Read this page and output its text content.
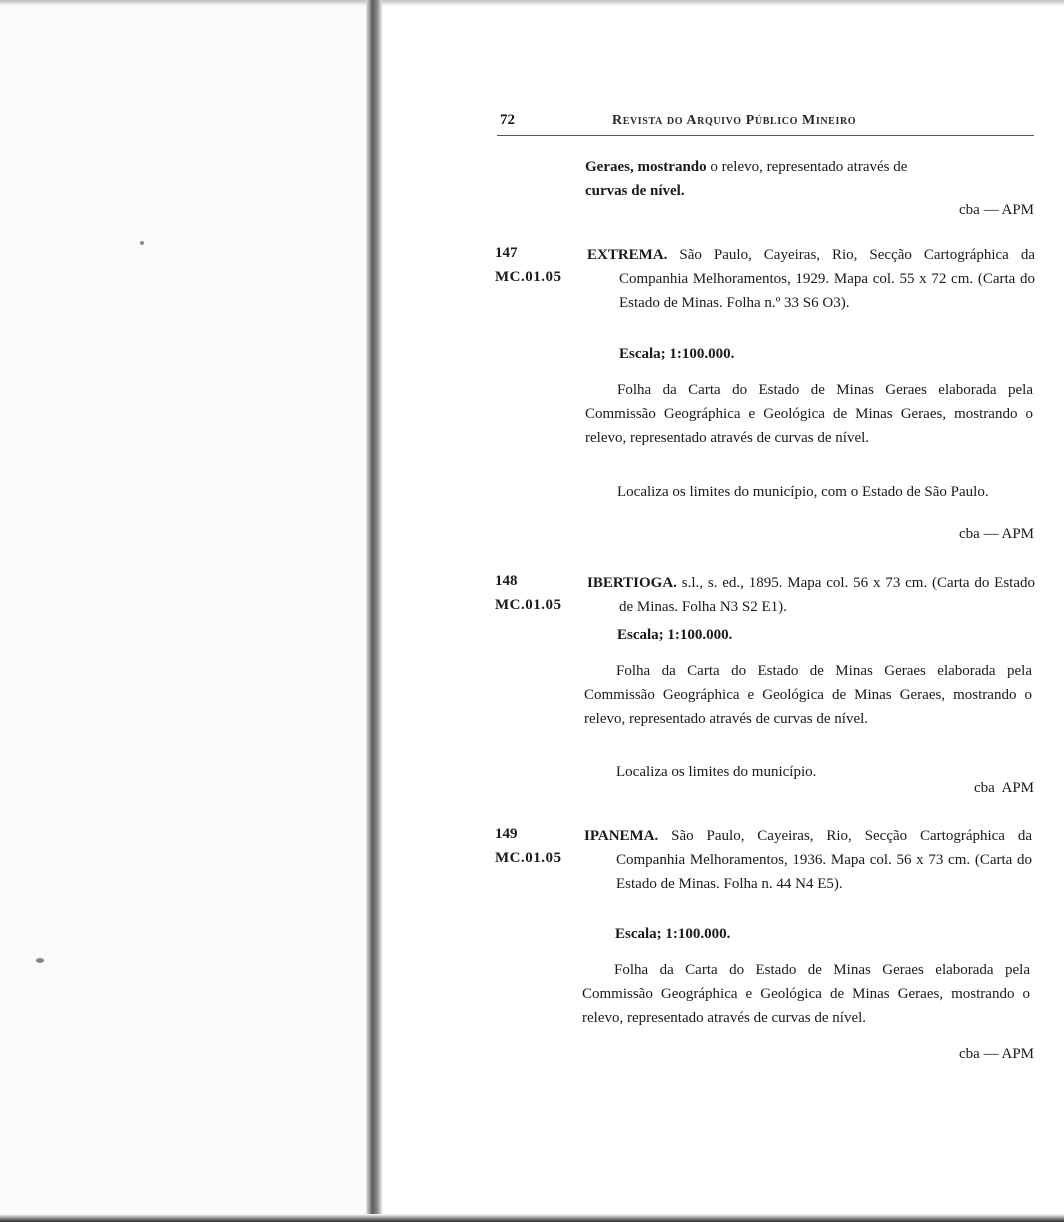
72	Revista do Arquivo Público Mineiro

Geraes, mostrando o relevo, representado através de

curvas de nível.

cba — APM
147
MC.01.05
EXTREMA. São Paulo, Cayeiras, Rio, Secção Cartográphica da Companhia Melhoramentos, 1929. Mapa col. 55 x 72 cm. (Carta do Estado de Minas. Folha n.º 33 S6 O3).
Escala; 1:100.000.

Folha da Carta do Estado de Minas Geraes elaborada pela Commissão Geográphica e Geológica de Minas Geraes, mostrando o relevo, representado através de curvas de nível.

Localiza os limites do município, com o Estado de São Paulo.

cba — APM
148
MC.01.05
IBERTIOGA. s.l., s. ed., 1895. Mapa col. 56 x 73 cm. (Carta do Estado de Minas. Folha N3 S2 E1).
Escala; 1:100.000.

Folha da Carta do Estado de Minas Geraes elaborada pela Commissão Geográphica e Geológica de Minas Geraes, mostrando o relevo, representado através de curvas de nível.

Localiza os limites do município.

cba  APM
149
MC.01.05
IPANEMA. São Paulo, Cayeiras, Rio, Secção Cartográphica da Companhia Melhoramentos, 1936. Mapa col. 56 x 73 cm. (Carta do Estado de Minas. Folha n. 44 N4 E5).
Escala; 1:100.000.

Folha da Carta do Estado de Minas Geraes elaborada pela Commissão Geográphica e Geológica de Minas Geraes, mostrando o relevo, representado através de curvas de nível.

cba — APM
